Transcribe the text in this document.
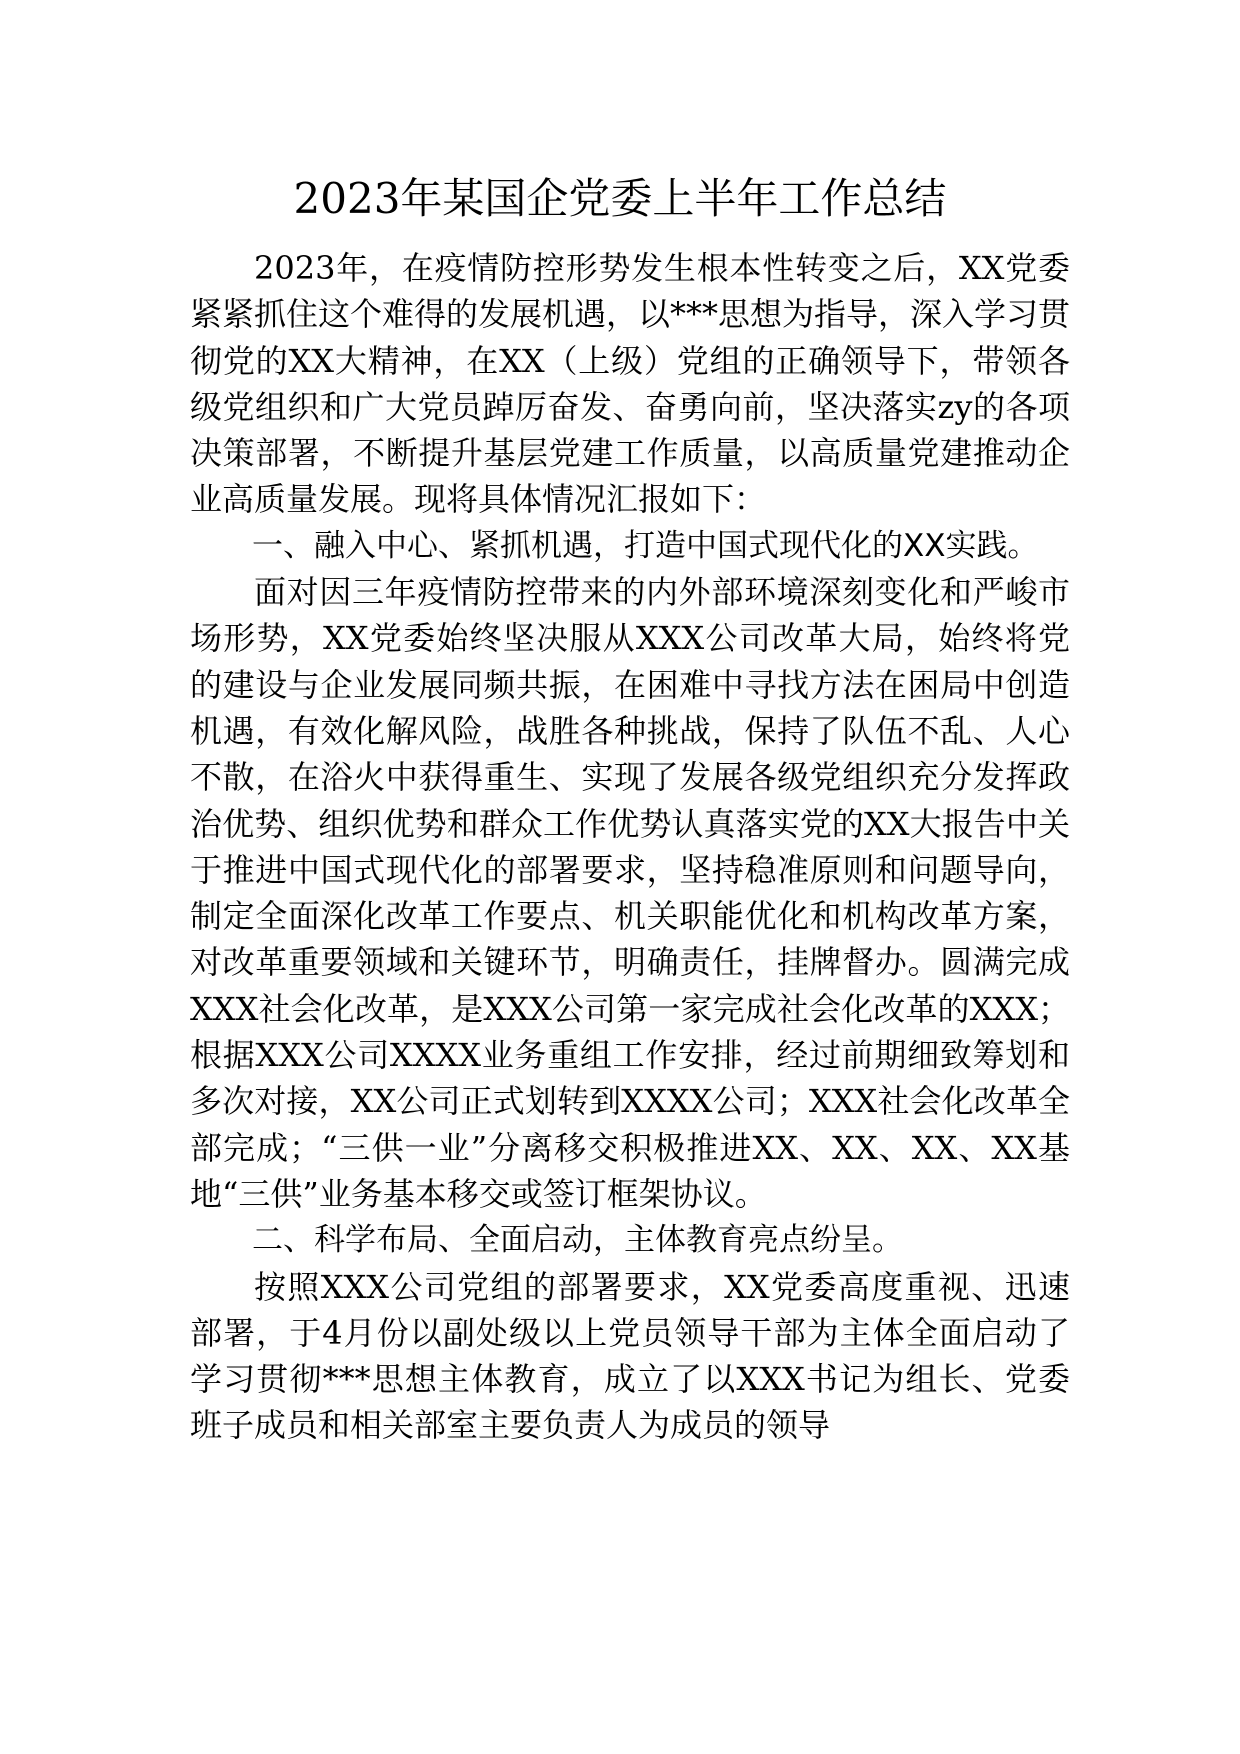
2023年某国企党委上半年工作总结

2023年，在疫情防控形势发生根本性转变之后，XX党委紧紧抓住这个难得的发展机遇，以***思想为指导，深入学习贯彻党的XX大精神，在XX（上级）党组的正确领导下，带领各级党组织和广大党员踔厉奋发、奋勇向前，坚决落实zy的各项决策部署，不断提升基层党建工作质量，以高质量党建推动企业高质量发展。现将具体情况汇报如下：

一、融入中心、紧抓机遇，打造中国式现代化的XX实践。

面对因三年疫情防控带来的内外部环境深刻变化和严峻市场形势，XX党委始终坚决服从XXX公司改革大局，始终将党的建设与企业发展同频共振，在困难中寻找方法在困局中创造机遇，有效化解风险，战胜各种挑战，保持了队伍不乱、人心不散，在浴火中获得重生、实现了发展各级党组织充分发挥政治优势、组织优势和群众工作优势认真落实党的XX大报告中关于推进中国式现代化的部署要求，坚持稳准原则和问题导向，制定全面深化改革工作要点、机关职能优化和机构改革方案，对改革重要领域和关键环节，明确责任，挂牌督办。圆满完成XXX社会化改革，是XXX公司第一家完成社会化改革的XXX；根据XXX公司XXXX业务重组工作安排，经过前期细致筹划和多次对接，XX公司正式划转到XXXX公司；XXX社会化改革全部完成；“三供一业”分离移交积极推进XX、XX、XX、XX基地“三供”业务基本移交或签订框架协议。

二、科学布局、全面启动，主体教育亮点纷呈。

按照XXX公司党组的部署要求，XX党委高度重视、迅速部署，于4月份以副处级以上党员领导干部为主体全面启动了学习贯彻***思想主体教育，成立了以XXX书记为组长、党委班子成员和相关部室主要负责人为成员的领导
